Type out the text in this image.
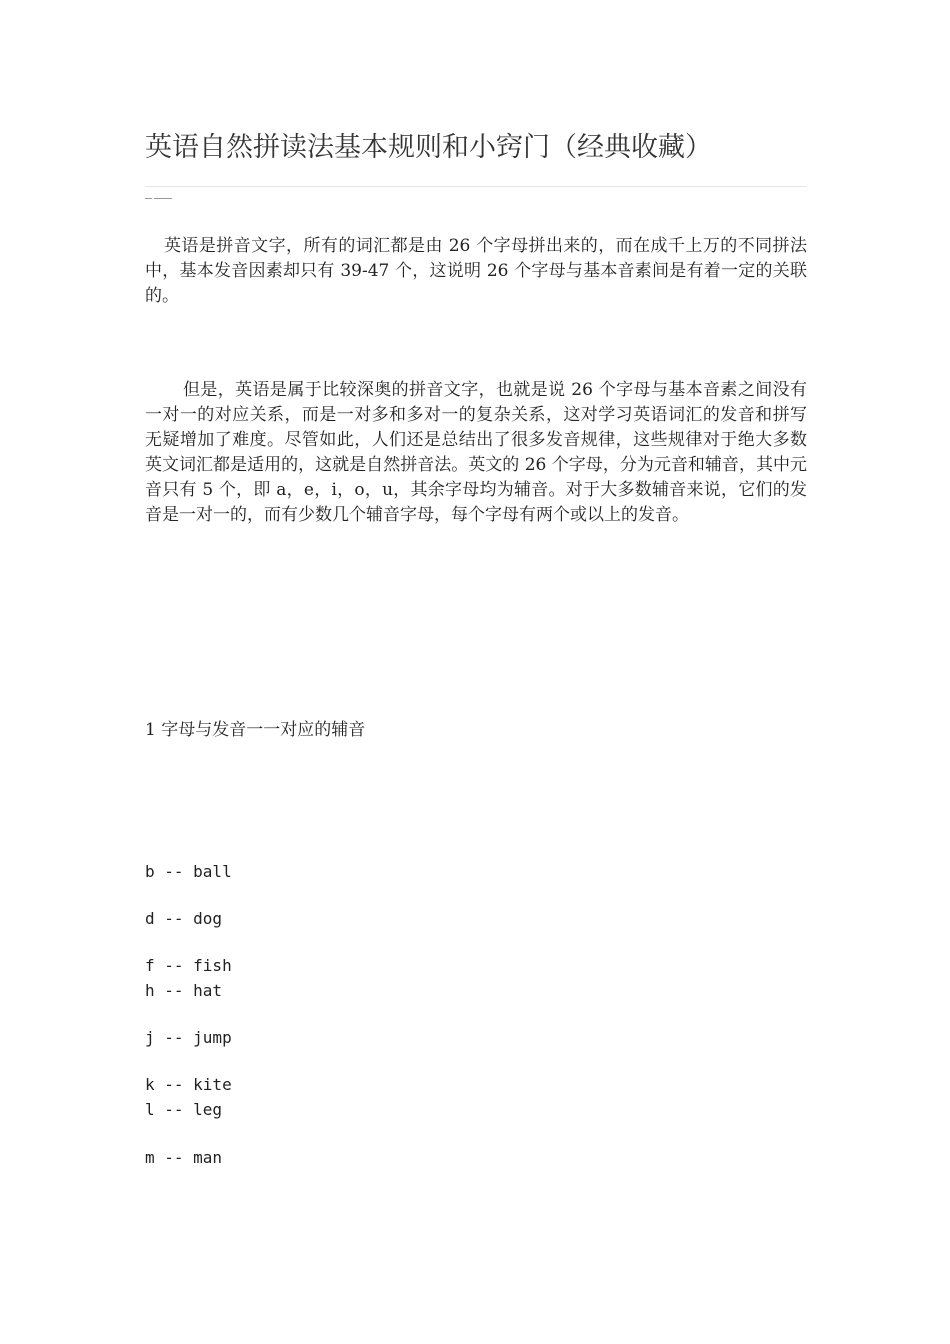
英语自然拼读法基本规则和小窍门（经典收藏）

英语是拼音文字，所有的词汇都是由 26 个字母拼出来的，而在成千上万的不同拼法中，基本发音因素却只有 39-47 个，这说明 26 个字母与基本音素间是有着一定的关联的。

但是，英语是属于比较深奥的拼音文字，也就是说 26 个字母与基本音素之间没有一对一的对应关系，而是一对多和多对一的复杂关系，这对学习英语词汇的发音和拼写无疑增加了难度。尽管如此，人们还是总结出了很多发音规律，这些规律对于绝大多数英文词汇都是适用的，这就是自然拼音法。英文的 26 个字母，分为元音和辅音，其中元音只有 5 个，即 a，e，i，o，u，其余字母均为辅音。对于大多数辅音来说，它们的发音是一对一的，而有少数几个辅音字母，每个字母有两个或以上的发音。

1 字母与发音一一对应的辅音
b -- ball
d -- dog
f -- fish
h -- hat
j -- jump
k -- kite
l -- leg
m -- man
